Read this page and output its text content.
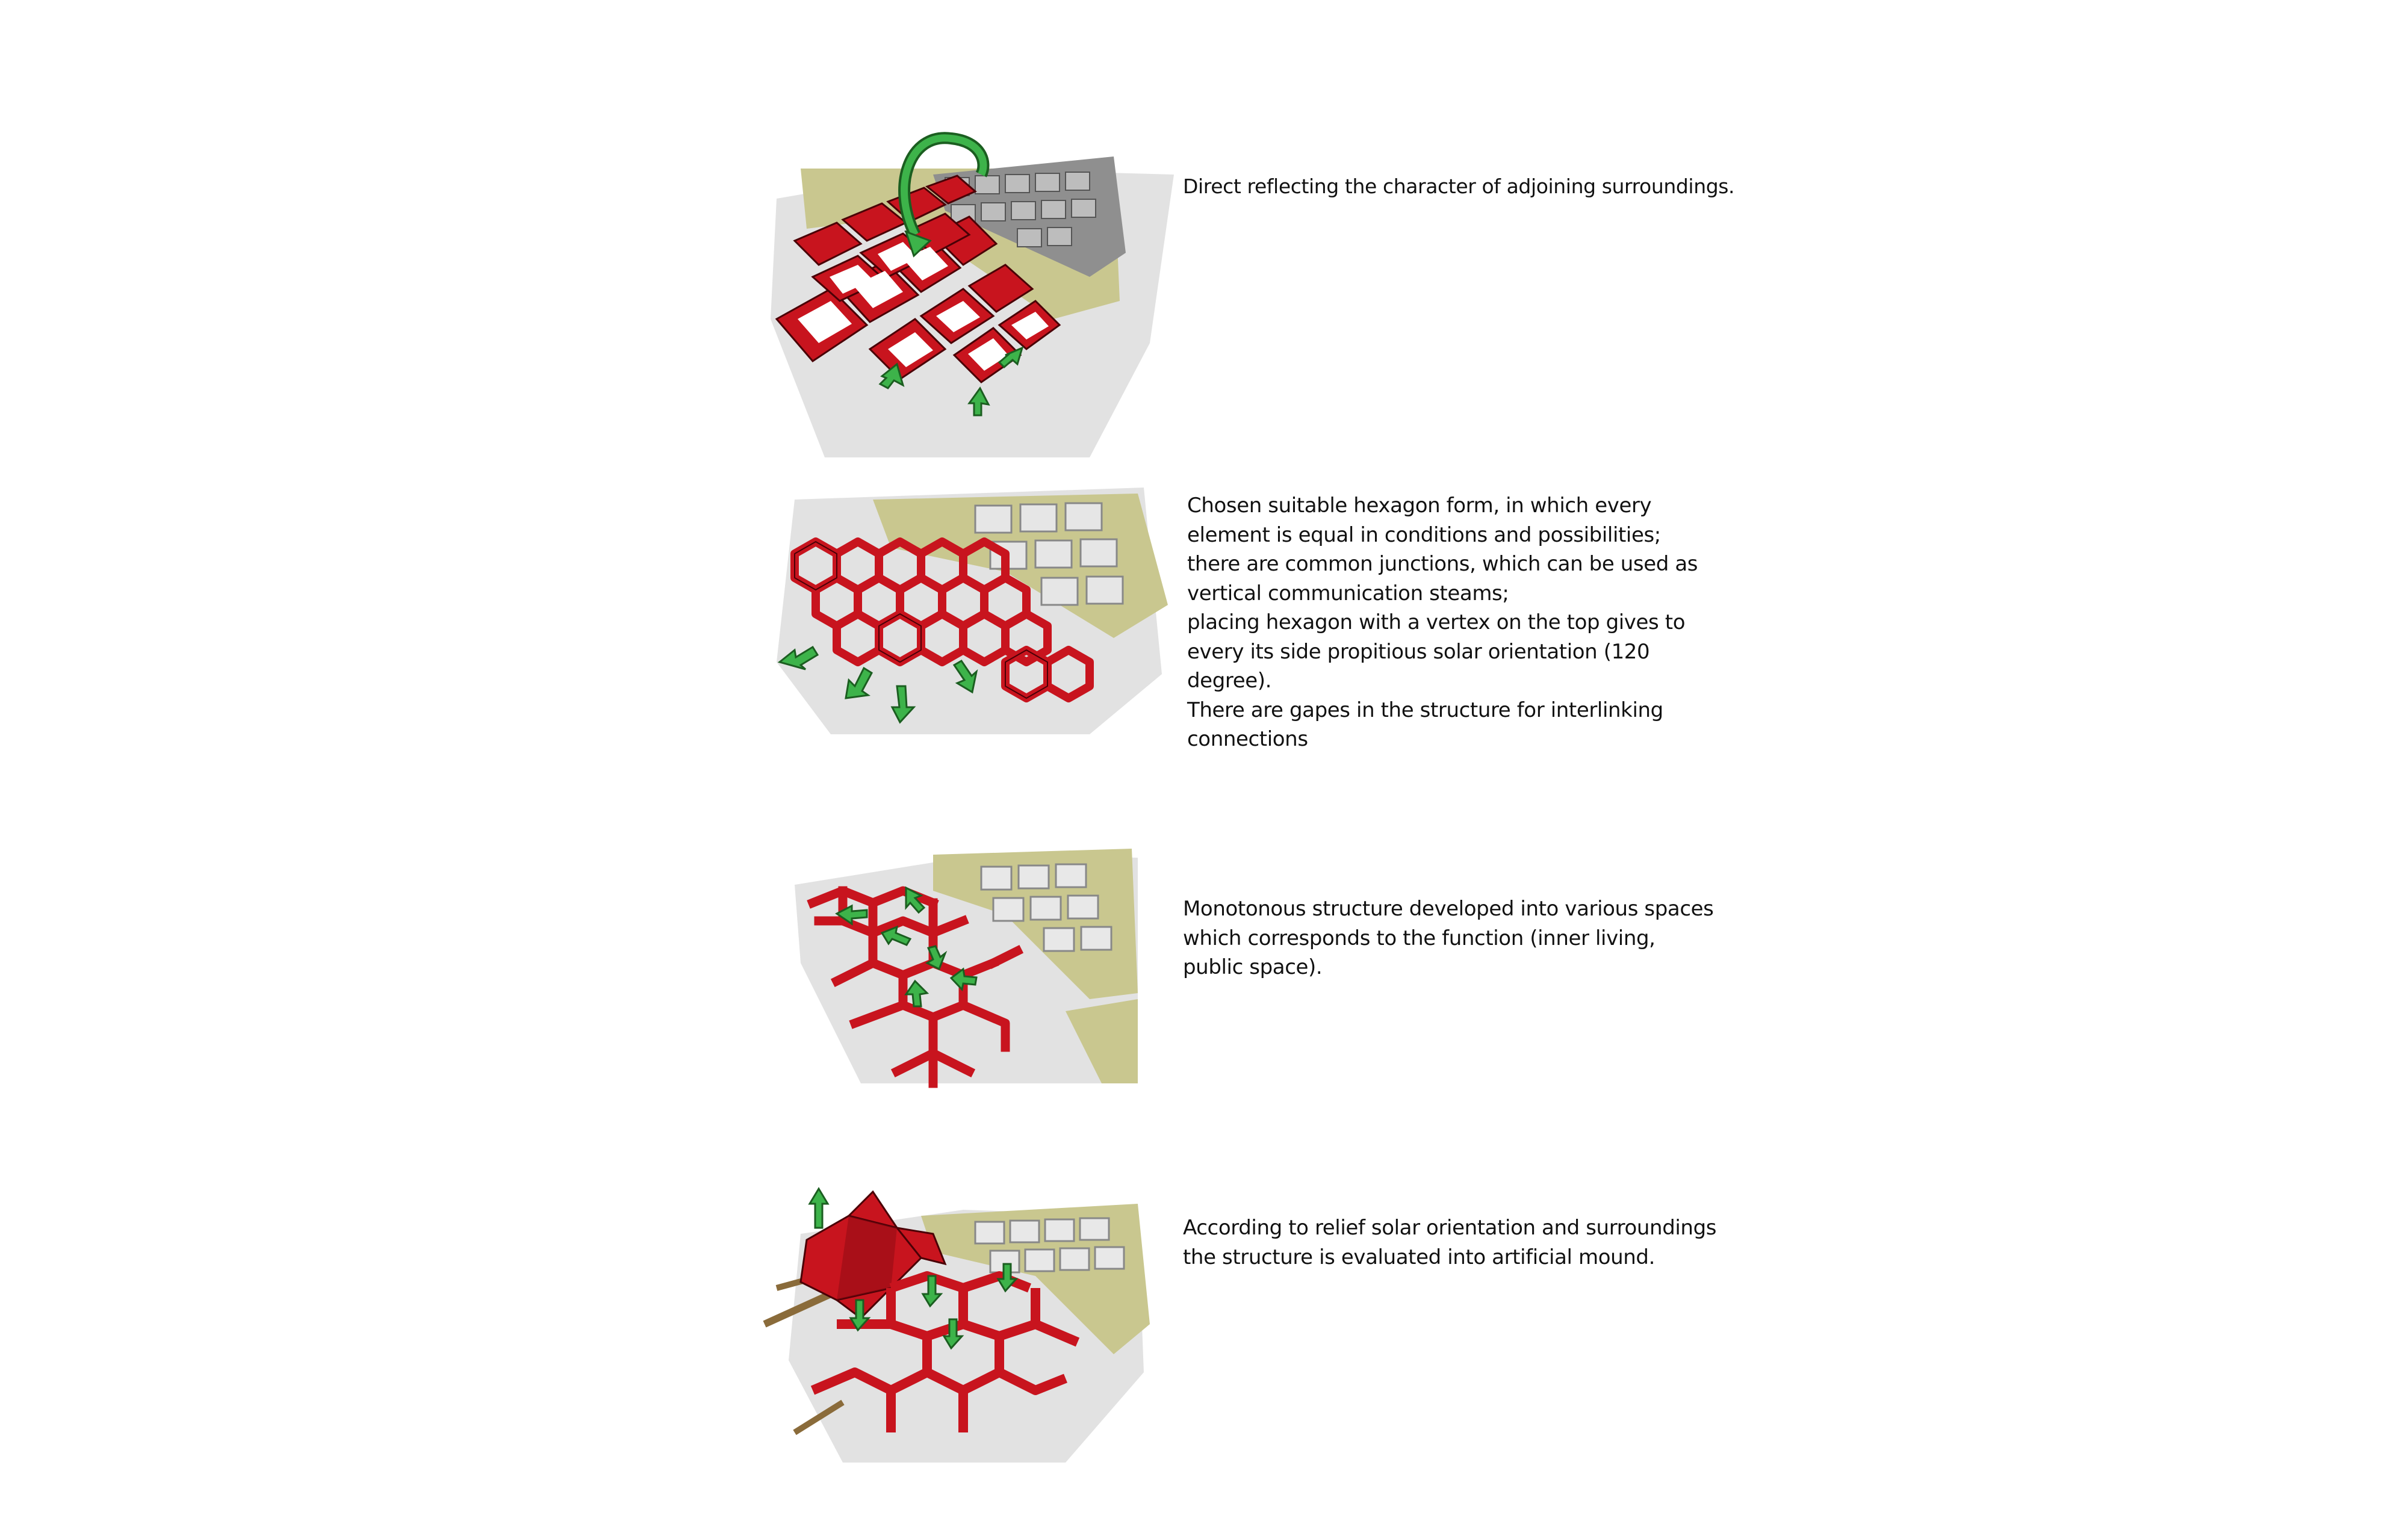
Direct reflecting the character of adjoining surroundings.
Chosen suitable hexagon form, in which every
element is equal in conditions and possibilities;
there are common junctions, which can be used as
vertical communication steams;
placing hexagon with a vertex on the top gives to
every its side propitious solar orientation (120
degree).
There are gapes in the structure for interlinking
connections
Monotonous structure developed into various spaces
which corresponds to the function (inner living,
public space).
According to relief solar orientation and surroundings
the structure is evaluated into artificial mound.
